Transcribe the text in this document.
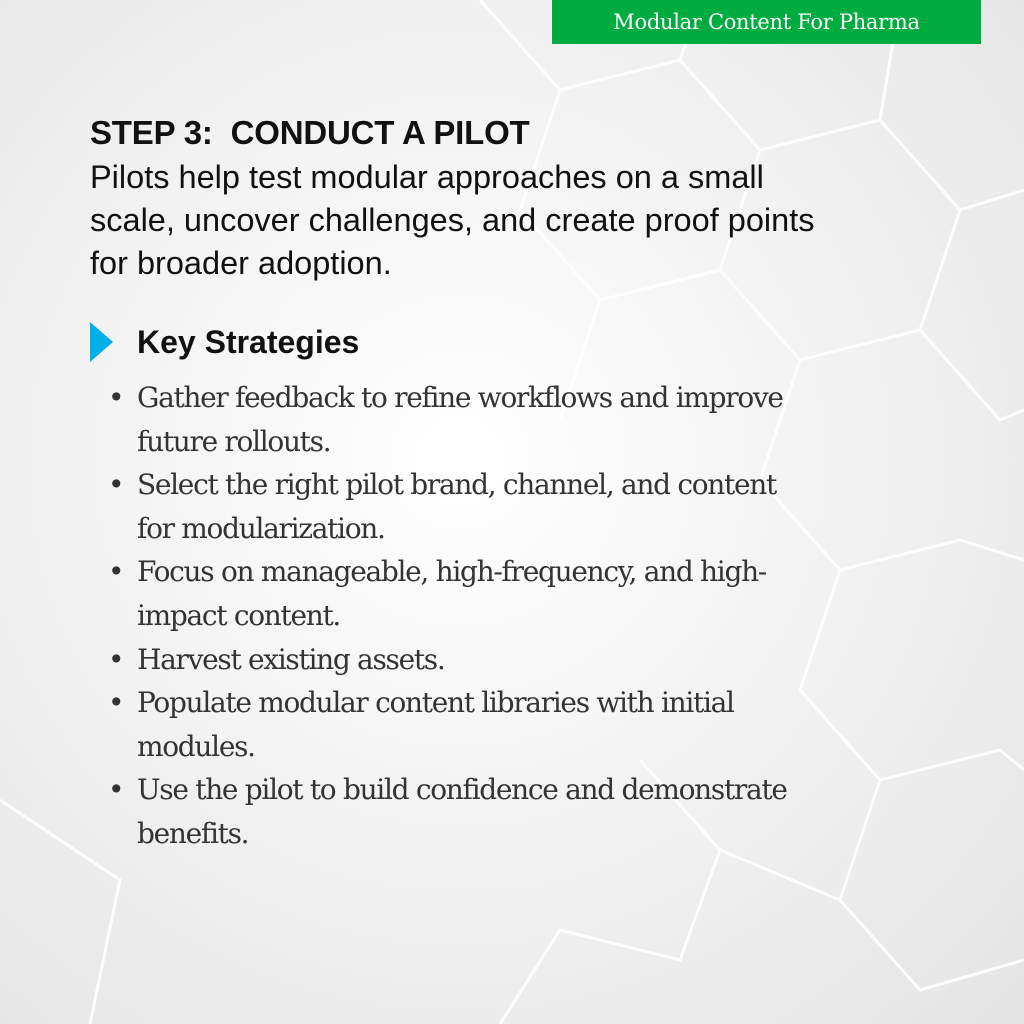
Modular Content For Pharma
STEP 3:  CONDUCT A PILOT
Pilots help test modular approaches on a small
scale, uncover challenges, and create proof points
for broader adoption.
Key Strategies
• Gather feedback to refine workflows and improve
future rollouts.
• Select the right pilot brand, channel, and content
for modularization.
• Focus on manageable, high-frequency, and high-
impact content.
• Harvest existing assets.
• Populate modular content libraries with initial
modules.
• Use the pilot to build confidence and demonstrate
benefits.
